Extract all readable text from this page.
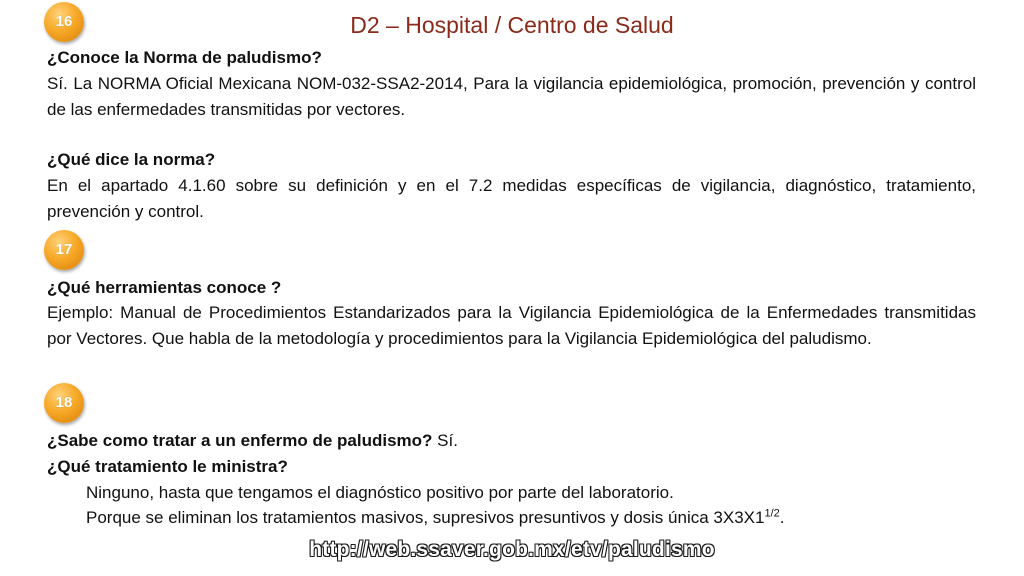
16	D2 – Hospital / Centro de Salud

¿Conoce la Norma de paludismo?

Sí. La NORMA Oficial Mexicana NOM-032-SSA2-2014, Para la vigilancia epidemiológica, promoción, prevención y control de las enfermedades transmitidas por vectores.

¿Qué dice la norma?

En el apartado 4.1.60 sobre su definición y en el 7.2 medidas específicas de vigilancia, diagnóstico, tratamiento, prevención y control.

17

¿Qué herramientas conoce ?

Ejemplo: Manual de Procedimientos Estandarizados para la Vigilancia Epidemiológica de la Enfermedades transmitidas por Vectores. Que habla de la metodología y procedimientos para la Vigilancia Epidemiológica del paludismo.

18

¿Sabe como tratar a un enfermo de paludismo? Sí.

¿Qué tratamiento le ministra?

Ninguno, hasta que tengamos el diagnóstico positivo por parte del laboratorio.

Porque se eliminan los tratamientos masivos, supresivos presuntivos y dosis única $3X3X1^{1/2}$.

http://web.ssaver.gob.mx/etv/paludismo
